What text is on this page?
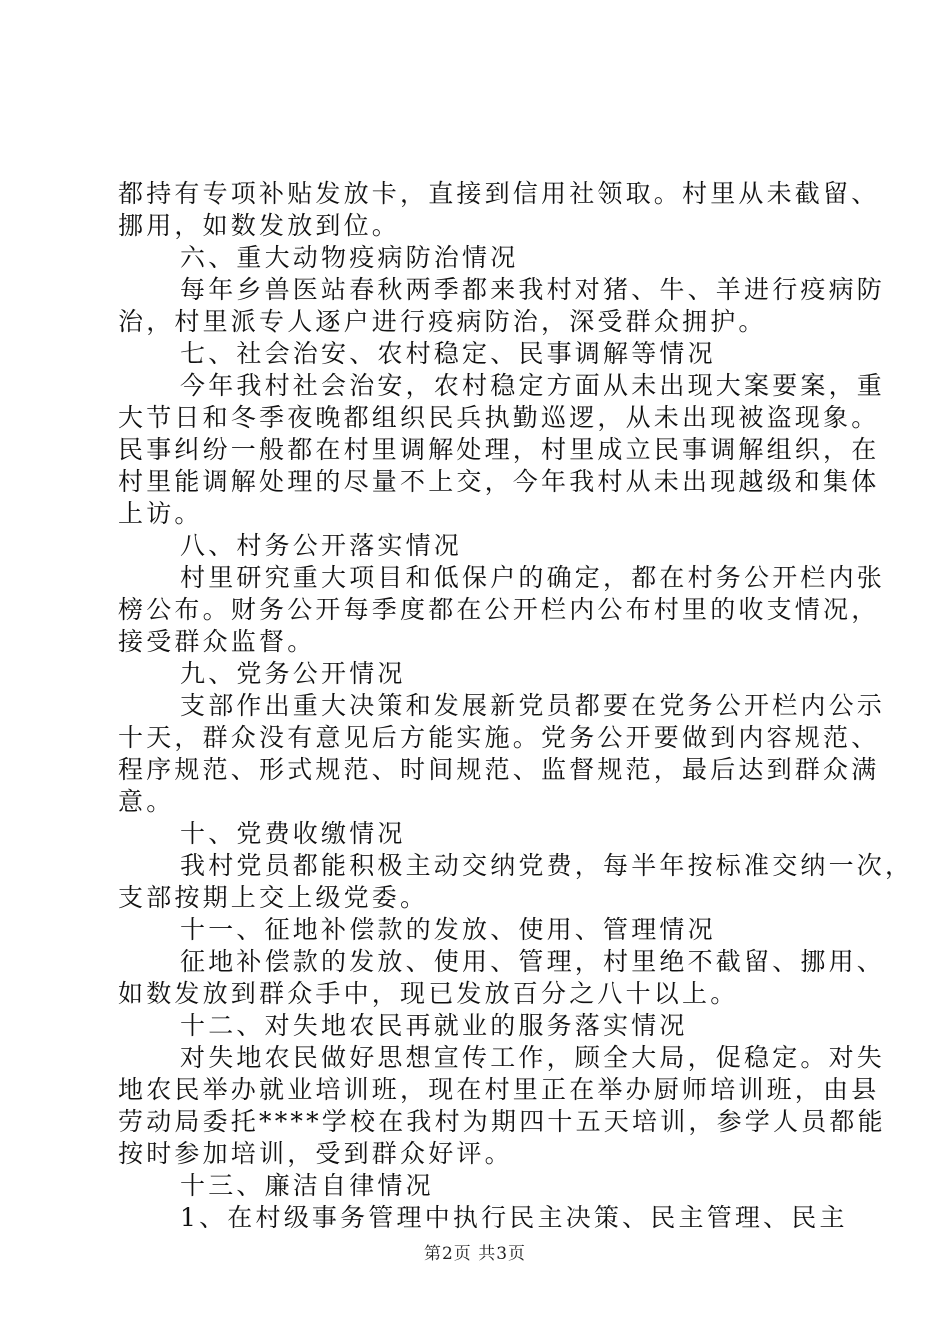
都持有专项补贴发放卡，直接到信用社领取。村里从未截留、
挪用，如数发放到位。
六、重大动物疫病防治情况
每年乡兽医站春秋两季都来我村对猪、牛、羊进行疫病防
治，村里派专人逐户进行疫病防治，深受群众拥护。
七、社会治安、农村稳定、民事调解等情况
今年我村社会治安，农村稳定方面从未出现大案要案，重
大节日和冬季夜晚都组织民兵执勤巡逻，从未出现被盗现象。
民事纠纷一般都在村里调解处理，村里成立民事调解组织，在
村里能调解处理的尽量不上交，今年我村从未出现越级和集体
上访。
八、村务公开落实情况
村里研究重大项目和低保户的确定，都在村务公开栏内张
榜公布。财务公开每季度都在公开栏内公布村里的收支情况，
接受群众监督。
九、党务公开情况
支部作出重大决策和发展新党员都要在党务公开栏内公示
十天，群众没有意见后方能实施。党务公开要做到内容规范、
程序规范、形式规范、时间规范、监督规范，最后达到群众满
意。
十、党费收缴情况
我村党员都能积极主动交纳党费，每半年按标准交纳一次，
支部按期上交上级党委。
十一、征地补偿款的发放、使用、管理情况
征地补偿款的发放、使用、管理，村里绝不截留、挪用、
如数发放到群众手中，现已发放百分之八十以上。
十二、对失地农民再就业的服务落实情况
对失地农民做好思想宣传工作，顾全大局，促稳定。对失
地农民举办就业培训班，现在村里正在举办厨师培训班，由县
劳动局委托****学校在我村为期四十五天培训，参学人员都能
按时参加培训，受到群众好评。
十三、廉洁自律情况
1、在村级事务管理中执行民主决策、民主管理、民主
第2页 共3页
